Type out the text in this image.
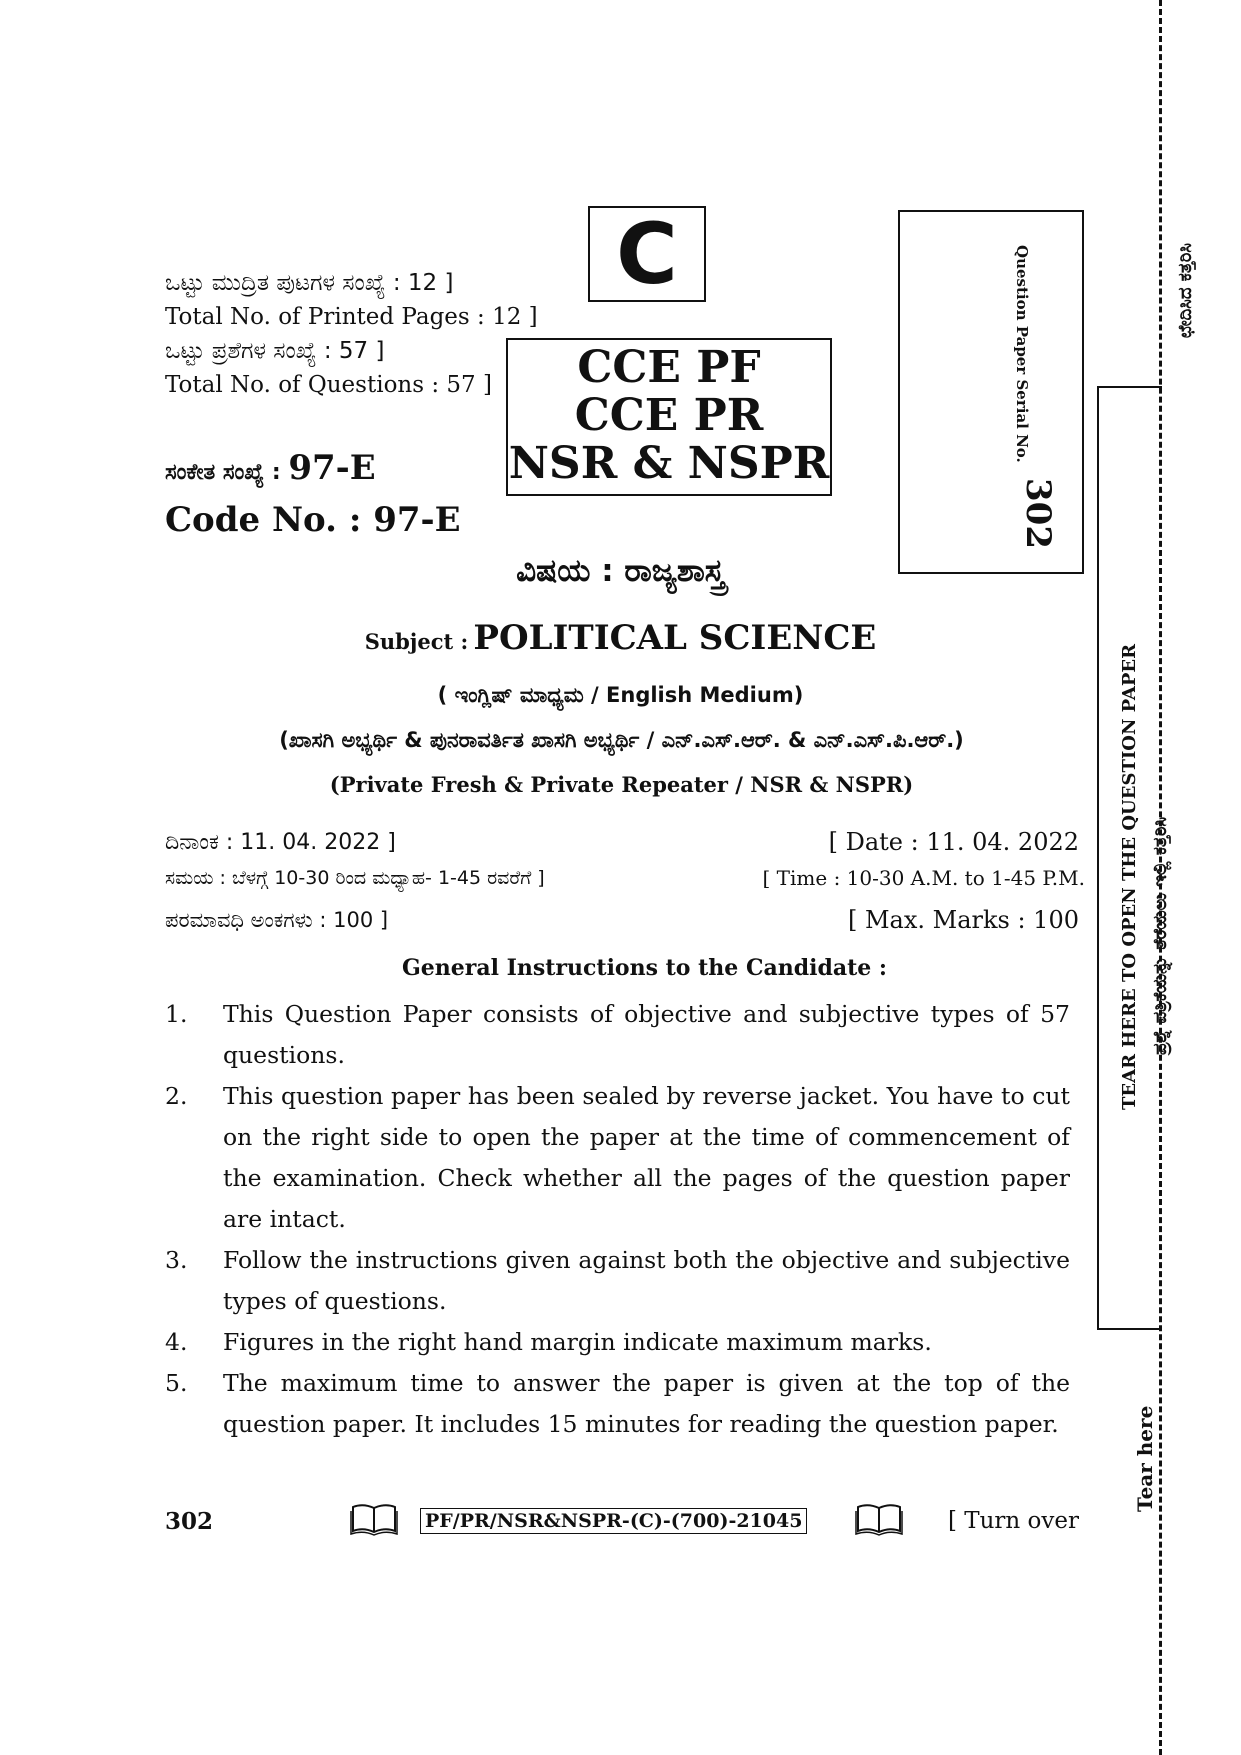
ಒಟ್ಟು ಮುದ್ರಿತ ಪುಟಗಳ ಸಂಖ್ಯೆ : 12 ]
Total No. of Printed Pages : 12 ]
ಒಟ್ಟು ಪ್ರಶೆಗಳ ಸಂಖ್ಯೆ : 57 ]
Total No. of Questions : 57 ]
C
CCE PF
CCE PR
NSR & NSPR
Question Paper Serial No.
302
ಸಂಕೇತ ಸಂಖ್ಯೆ : 97-E
Code No. : 97-E
ವಿಷಯ : ರಾಜ್ಯಶಾಸ್ತ್ರ
Subject : POLITICAL SCIENCE
( ಇಂಗ್ಲಿಷ್ ಮಾಧ್ಯಮ / English Medium)
(ಖಾಸಗಿ ಅಭ್ಯರ್ಥಿ & ಪುನರಾವರ್ತಿತ ಖಾಸಗಿ ಅಭ್ಯರ್ಥಿ / ಎನ್.ಎಸ್.ಆರ್. & ಎನ್.ಎಸ್.ಪಿ.ಆರ್.)
(Private Fresh & Private Repeater / NSR & NSPR)
ದಿನಾಂಕ : 11. 04. 2022 ]	[ Date : 11. 04. 2022
ಸಮಯ : ಬೆಳಗ್ಗೆ 10-30 ರಿಂದ ಮಧ್ಯಾಹ- 1-45 ರವರೆಗೆ ]	[ Time : 10-30 A.M. to 1-45 P.M.
ಪರಮಾವಧಿ ಅಂಕಗಳು : 100 ]	[ Max. Marks : 100
General Instructions to the Candidate :
1.	This Question Paper consists of objective and subjective types of 57 questions.
2.	This question paper has been sealed by reverse jacket. You have to cut on the right side to open the paper at the time of commencement of the examination. Check whether all the pages of the question paper are intact.
3.	Follow the instructions given against both the objective and subjective types of questions.
4.	Figures in the right hand margin indicate maximum marks.
5.	The maximum time to answer the paper is given at the top of the question paper. It includes 15 minutes for reading the question paper.
302	PF/PR/NSR&NSPR-(C)-(700)-21045	[ Turn over
ಛೇದಿಸಿದ ಕತ್ತರಿಸಿ
TEAR HERE TO OPEN THE QUESTION PAPER ಪ್ರಶ್ನೆ ಪತ್ರಿಕೆಯನ್ನು ತೆರೆಯಲು ಇಲ್ಲಿ ಕತ್ತರಿಸಿ
Tear here
